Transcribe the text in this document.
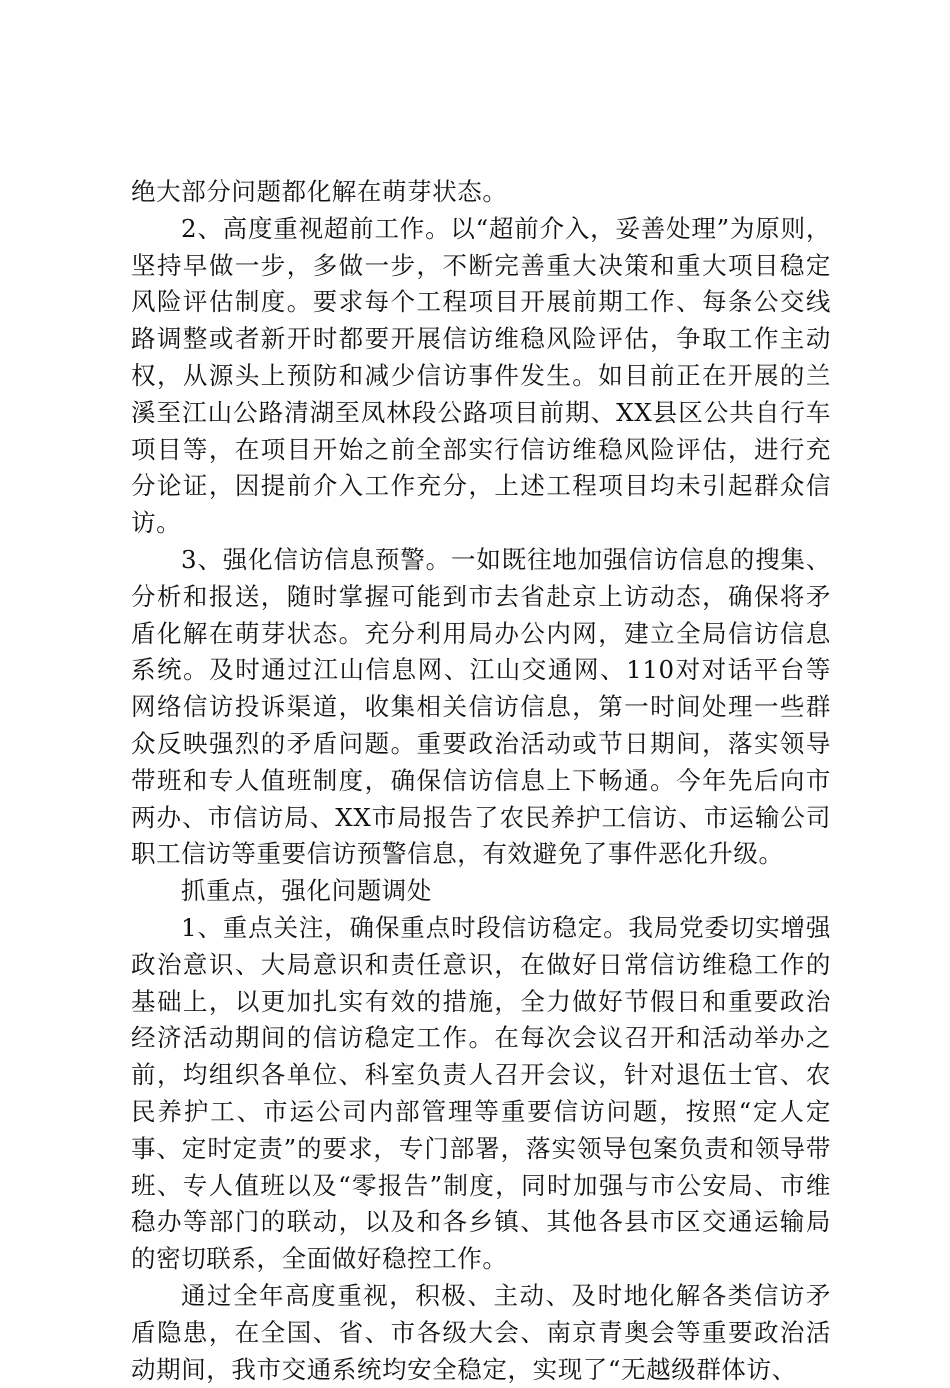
绝大部分问题都化解在萌芽状态。

2、高度重视超前工作。以“超前介入，妥善处理”为原则，坚持早做一步，多做一步，不断完善重大决策和重大项目稳定风险评估制度。要求每个工程项目开展前期工作、每条公交线路调整或者新开时都要开展信访维稳风险评估，争取工作主动权，从源头上预防和减少信访事件发生。如目前正在开展的兰溪至江山公路清湖至凤林段公路项目前期、XX县区公共自行车项目等，在项目开始之前全部实行信访维稳风险评估，进行充分论证，因提前介入工作充分，上述工程项目均未引起群众信访。

3、强化信访信息预警。一如既往地加强信访信息的搜集、分析和报送，随时掌握可能到市去省赴京上访动态，确保将矛盾化解在萌芽状态。充分利用局办公内网，建立全局信访信息系统。及时通过江山信息网、江山交通网、110对对话平台等网络信访投诉渠道，收集相关信访信息，第一时间处理一些群众反映强烈的矛盾问题。重要政治活动或节日期间，落实领导带班和专人值班制度，确保信访信息上下畅通。今年先后向市两办、市信访局、XX市局报告了农民养护工信访、市运输公司职工信访等重要信访预警信息，有效避免了事件恶化升级。

抓重点，强化问题调处

1、重点关注，确保重点时段信访稳定。我局党委切实增强政治意识、大局意识和责任意识，在做好日常信访维稳工作的基础上，以更加扎实有效的措施，全力做好节假日和重要政治经济活动期间的信访稳定工作。在每次会议召开和活动举办之前，均组织各单位、科室负责人召开会议，针对退伍士官、农民养护工、市运公司内部管理等重要信访问题，按照“定人定事、定时定责”的要求，专门部署，落实领导包案负责和领导带班、专人值班以及“零报告”制度，同时加强与市公安局、市维稳办等部门的联动，以及和各乡镇、其他各县市区交通运输局的密切联系，全面做好稳控工作。

通过全年高度重视，积极、主动、及时地化解各类信访矛盾隐患，在全国、省、市各级大会、南京青奥会等重要政治活动期间，我市交通系统均安全稳定，实现了“无越级群体访、
